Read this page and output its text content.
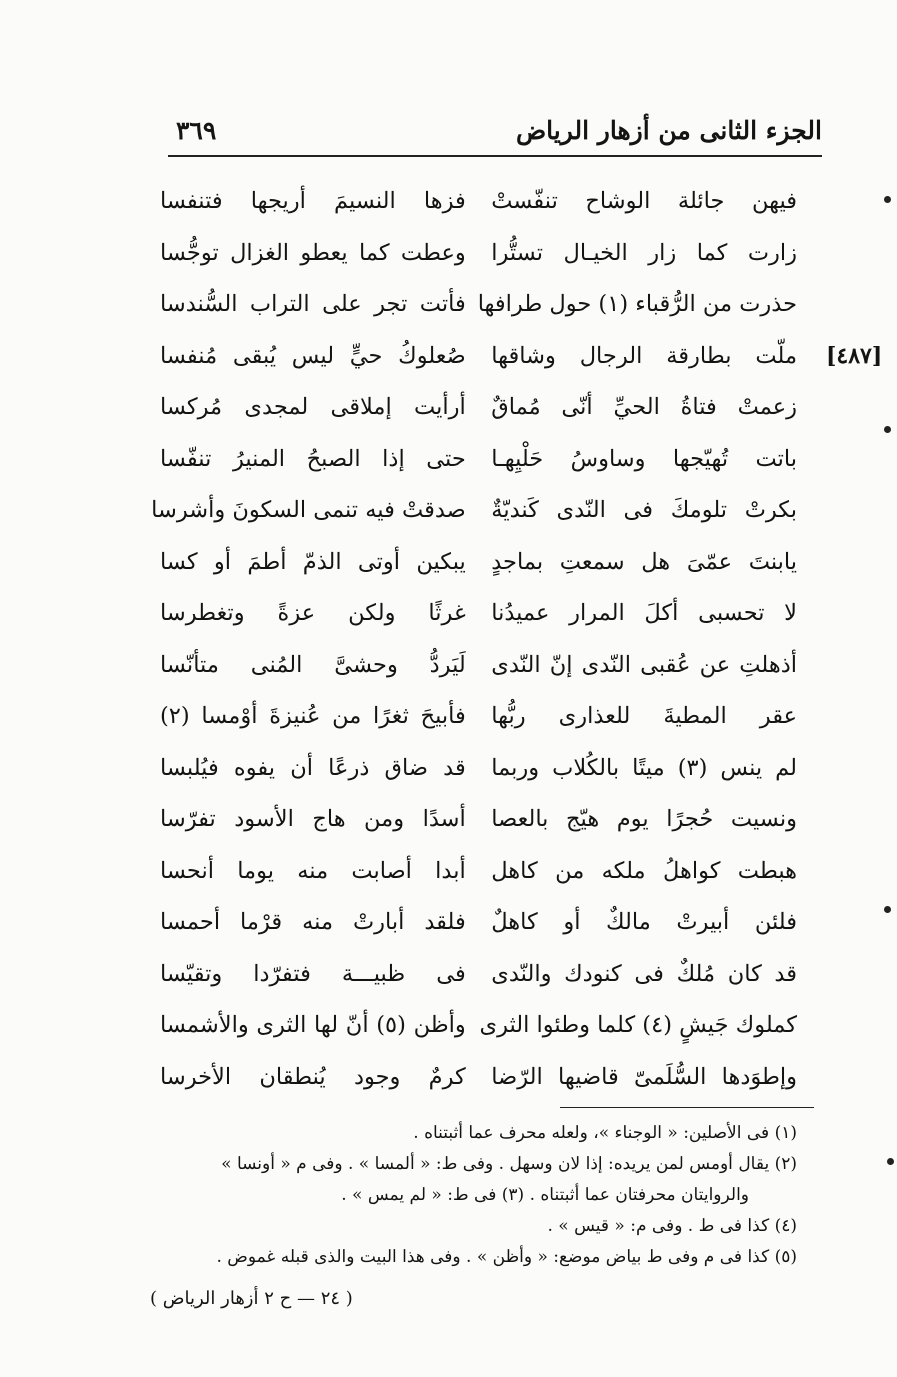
الجزء الثانى من أزهار الرياض
٣٦٩
[٤٨٧]
فيهن جائلة الوشاح تنفّستْ
فزها النسيمَ أريجها فتنفسا
زارت كما زار الخيـال تستُّرا
وعطت كما يعطو الغزال توجُّسا
حذرت من الرُّقباء (١) حول طرافها
فأتت تجر على التراب السُّندسا
ملّت بطارقة الرجال وشاقها
صُعلوكُ حيٍّ ليس يُبقى مُنفسا
زعمتْ فتاةُ الحيِّ أنّى مُماقٌ
أرأيت إملاقى لمجدى مُركسا
باتت تُهيّجها وساوسُ حَلْيِهـا
حتى إذا الصبحُ المنيرُ تنفّسا
بكرتْ تلومكَ فى النّدى كَنديّةٌ
صدقتْ فيه تنمى السكونَ وأشرسا
يابنتَ عمّىَ هل سمعتِ بماجدٍ
يبكين أوتى الذمّ أطمَ أو كسا
لا تحسبى أكلَ المرار عميدُنا
غرثًا ولكن عزةً وتغطرسا
أذهلتِ عن عُقبى النّدى إنّ النّدى
لَيَردُّ وحشىَّ المُنى متأنّسا
عقر المطيةَ للعذارى ربُّها
فأبيحَ ثغرًا من عُنيزةَ أوْمسا (٢)
لم ينس (٣) ميتًا بالكُلاب وربما
قد ضاق ذرعًا أن يفوه فيُلبسا
ونسيت حُجرًا يوم هيّج بالعصا
أسدًا ومن هاج الأسود تفرّسا
هبطت كواهلُ ملكه من كاهل
أبدا أصابت منه يوما أنحسا
فلئن أبيرتْ مالكٌ أو كاهلٌ
فلقد أبارتْ منه قرْما أحمسا
قد كان مُلكٌ فى كنودك والنّدى
فى ظبيـــة فتفرّدا وتقيّسا
كملوك جَيشٍ (٤) كلما وطئوا الثرى
وأظن (٥) أنّ لها الثرى والأشمسا
وإطوَدها السُّلَمىّ قاضيها الرّضا
كرمٌ وجود يُنطقان الأخرسا
(١) فى الأصلين: « الوجناء »، ولعله محرف عما أثبتناه .
(٢) يقال أومس لمن يريده: إذا لان وسهل . وفى ط: « ألمسا » . وفى م « أونسا »
والروايتان محرفتان عما أثبتناه . (٣) فى ط: « لم يمس » .
(٤) كذا فى ط . وفى م: « قيس » .
(٥) كذا فى م وفى ط بياض موضع: « وأظن » . وفى هذا البيت والذى قبله غموض .
( ٢٤ — ح ٢ أزهار الرياض )
